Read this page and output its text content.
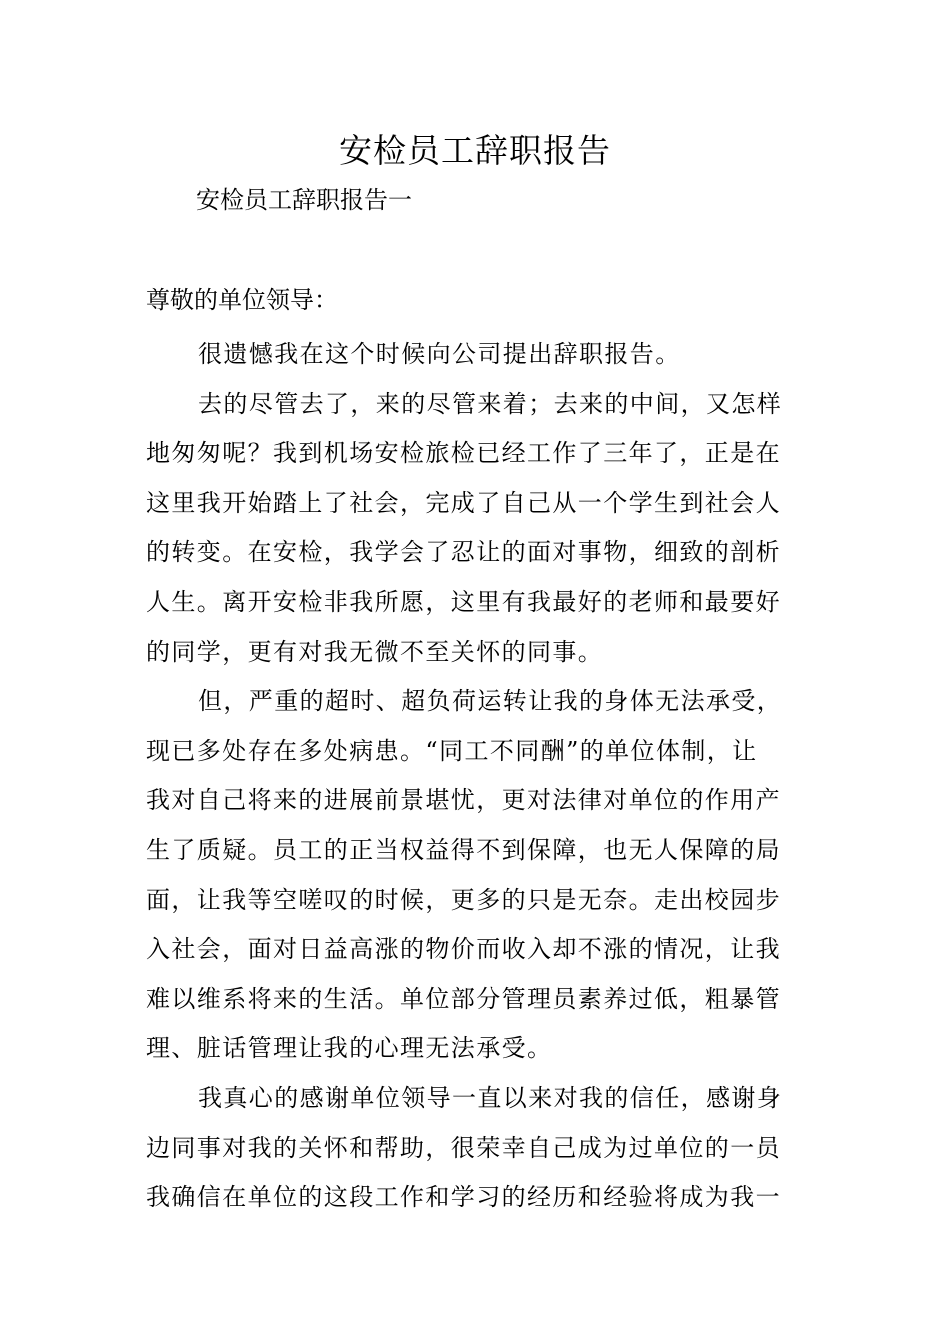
安检员工辞职报告
安检员工辞职报告一
尊敬的单位领导：
很遗憾我在这个时候向公司提出辞职报告。
去的尽管去了，来的尽管来着；去来的中间，又怎样
地匆匆呢？我到机场安检旅检已经工作了三年了，正是在
这里我开始踏上了社会，完成了自己从一个学生到社会人
的转变。在安检，我学会了忍让的面对事物，细致的剖析
人生。离开安检非我所愿，这里有我最好的老师和最要好
的同学，更有对我无微不至关怀的同事。
但，严重的超时、超负荷运转让我的身体无法承受，
现已多处存在多处病患。“同工不同酬”的单位体制，让
我对自己将来的进展前景堪忧，更对法律对单位的作用产
生了质疑。员工的正当权益得不到保障，也无人保障的局
面，让我等空嗟叹的时候，更多的只是无奈。走出校园步
入社会，面对日益高涨的物价而收入却不涨的情况，让我
难以维系将来的生活。单位部分管理员素养过低，粗暴管
理、脏话管理让我的心理无法承受。
我真心的感谢单位领导一直以来对我的信任，感谢身
边同事对我的关怀和帮助，很荣幸自己成为过单位的一员
我确信在单位的这段工作和学习的经历和经验将成为我一
